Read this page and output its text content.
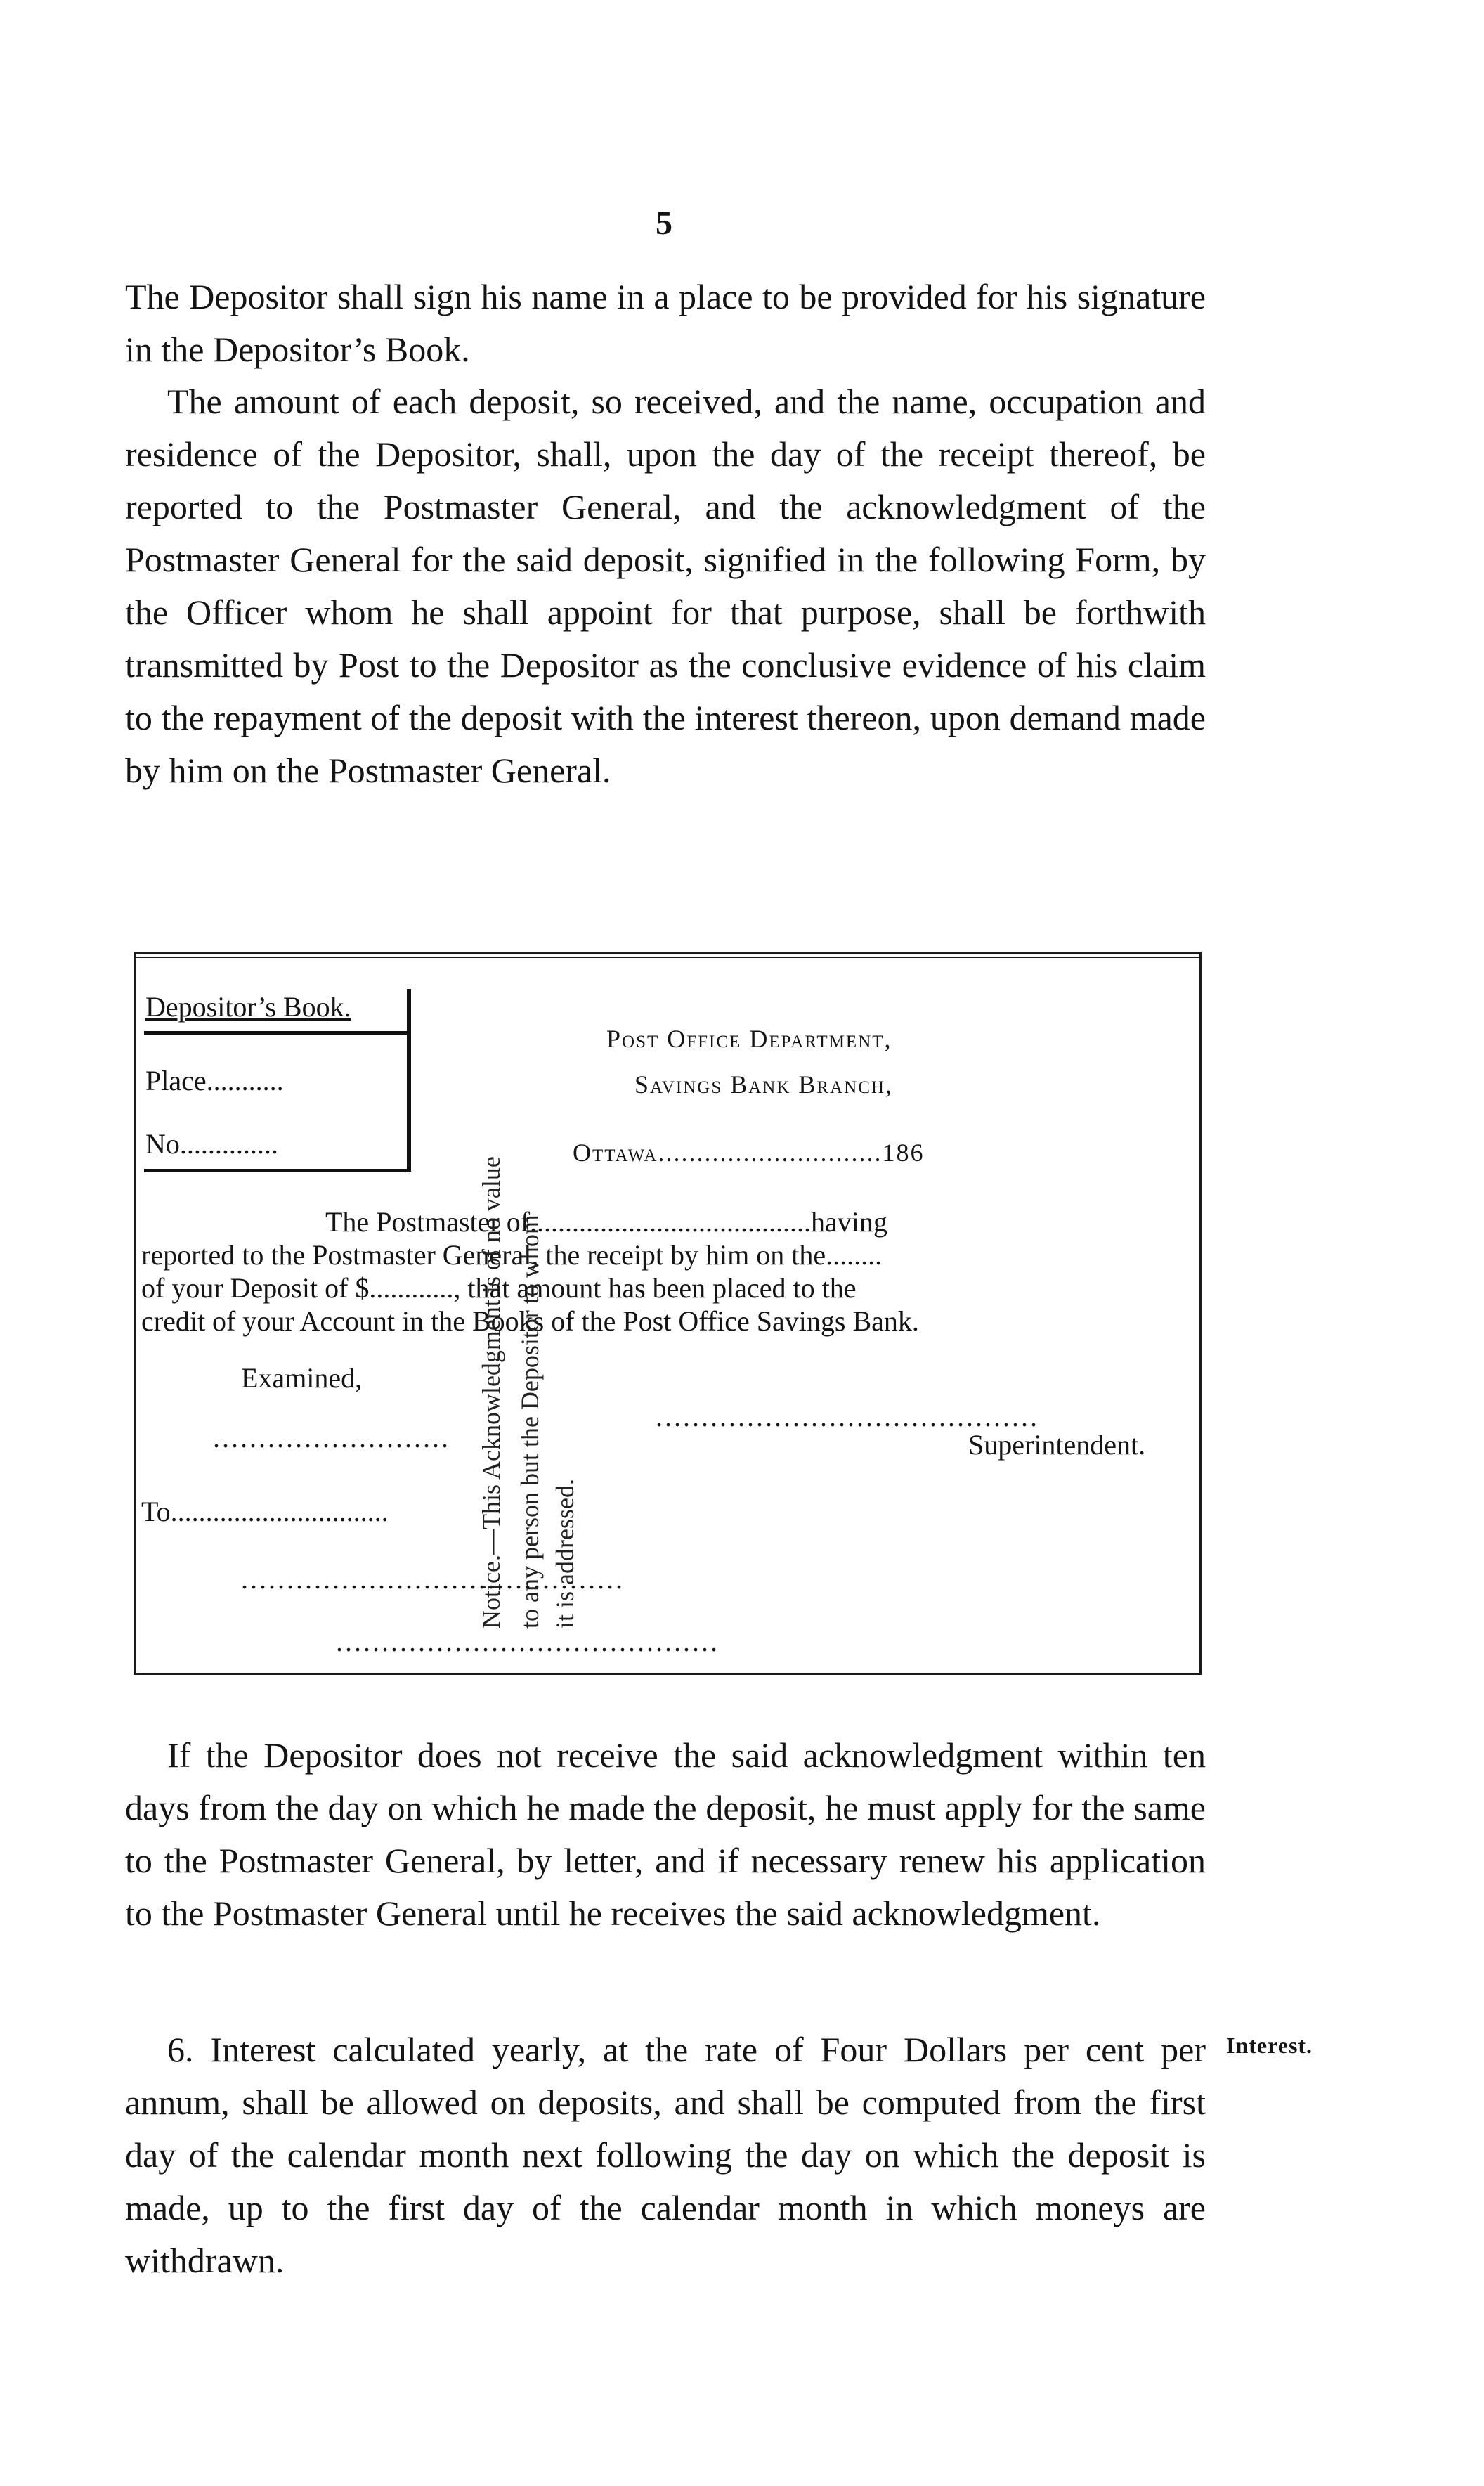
5

The Depositor shall sign his name in a place to be provided for his signature in the Depositor’s Book.

The amount of each deposit, so received, and the name, occupation and residence of the Depositor, shall, upon the day of the receipt thereof, be reported to the Postmaster General, and the acknowledgment of the Postmaster General for the said deposit, signified in the following Form, by the Officer whom he shall appoint for that purpose, shall be forthwith transmitted by Post to the Depositor as the conclusive evidence of his claim to the repayment of the deposit with the interest thereon, upon demand made by him on the Postmaster General.

Depositor’s Book.
Place...........
No..............
Post Office Department,
Savings Bank Branch,
Ottawa.............................186
The Postmaster of........................................having
reported to the Postmaster General, the receipt by him on the........
of your Deposit of $............, that amount has been placed to the
credit of your Account in the Books of the Post Office Savings Bank.
Examined,
..........................
..........................................
Superintendent.
To...............................
..........................................
..........................................
Notice.—This Acknowledgment is of no value to any person but the Depositor to whom it is addressed.

If the Depositor does not receive the said acknowledgment within ten days from the day on which he made the deposit, he must apply for the same to the Postmaster General, by letter, and if necessary renew his application to the Postmaster General until he receives the said acknowledgment.

6. Interest calculated yearly, at the rate of Four Dollars per cent per annum, shall be allowed on deposits, and shall be computed from the first day of the calendar month next following the day on which the deposit is made, up to the first day of the calendar month in which moneys are withdrawn.

Interest.
